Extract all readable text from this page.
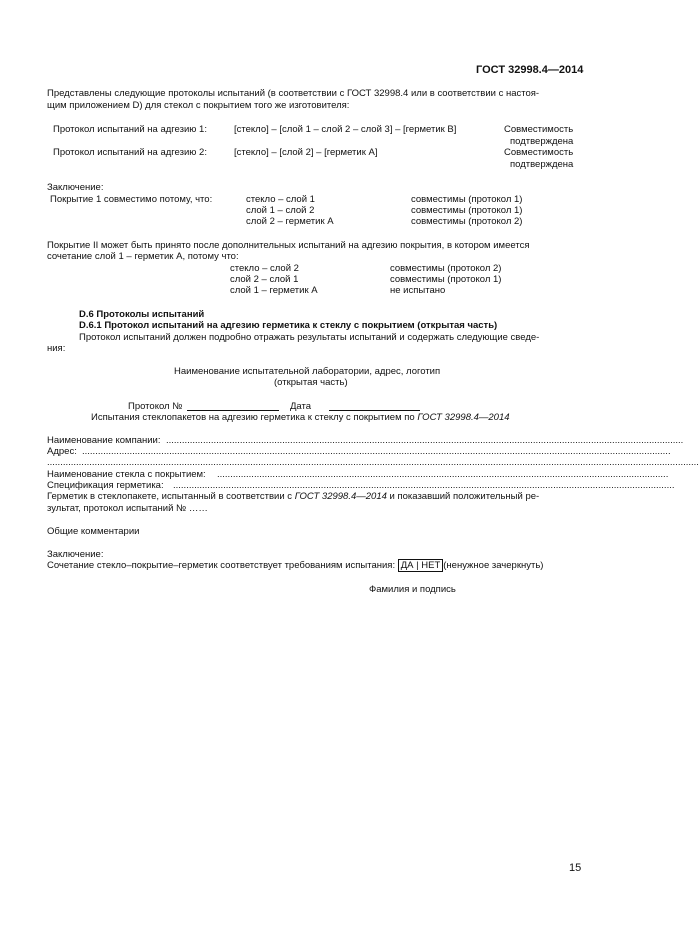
ГОСТ 32998.4—2014
Представлены следующие протоколы испытаний (в соответствии с ГОСТ 32998.4 или в соответствии с настоя-
щим приложением D) для стекол с покрытием того же изготовителя:
Протокол испытаний на адгезию 1:	[стекло] – [слой 1 – слой 2 – слой 3] – [герметик В]	Совместимость
подтверждена
Протокол испытаний на адгезию 2:	[стекло] – [слой 2] – [герметик А]	Совместимость
подтверждена
Заключение:
Покрытие 1 совместимо потому, что:	стекло – слой 1	совместимы (протокол 1)
слой 1 – слой 2	совместимы (протокол 1)
слой 2 – герметик А	совместимы (протокол 2)
Покрытие II может быть принято после дополнительных испытаний на адгезию покрытия, в котором имеется
сочетание слой 1 – герметик А, потому что:
стекло – слой 2	совместимы (протокол 2)
слой 2 – слой 1	совместимы (протокол 1)
слой 1 – герметик А	не испытано
D.6 Протоколы испытаний
D.6.1 Протокол испытаний на адгезию герметика к стеклу с покрытием (открытая часть)
Протокол испытаний должен подробно отражать результаты испытаний и содержать следующие сведе-
ния:
Наименование испытательной лаборатории, адрес, логотип
(открытая часть)
Протокол №	Дата
Испытания стеклопакетов на адгезию герметика к стеклу с покрытием по ГОСТ 32998.4—2014
Наименование компании: ....................................................................................................................................................................................................
Адрес: ...............................................................................................................................................................................................................................
.......................................................................................................................................................................................................................................................
Наименование стекла с покрытием: ...........................................................................................................................................................................
Спецификация герметика: ..............................................................................................................................................................................................
Герметик в стеклопакете, испытанный в соответствии с ГОСТ 32998.4—2014 и показавший положительный ре-
зультат, протокол испытаний № ……
Общие комментарии
Заключение:
Сочетание стекло–покрытие–герметик соответствует требованиям испытания: ДА | НЕТ (ненужное зачеркнуть)
Фамилия и подпись
15
